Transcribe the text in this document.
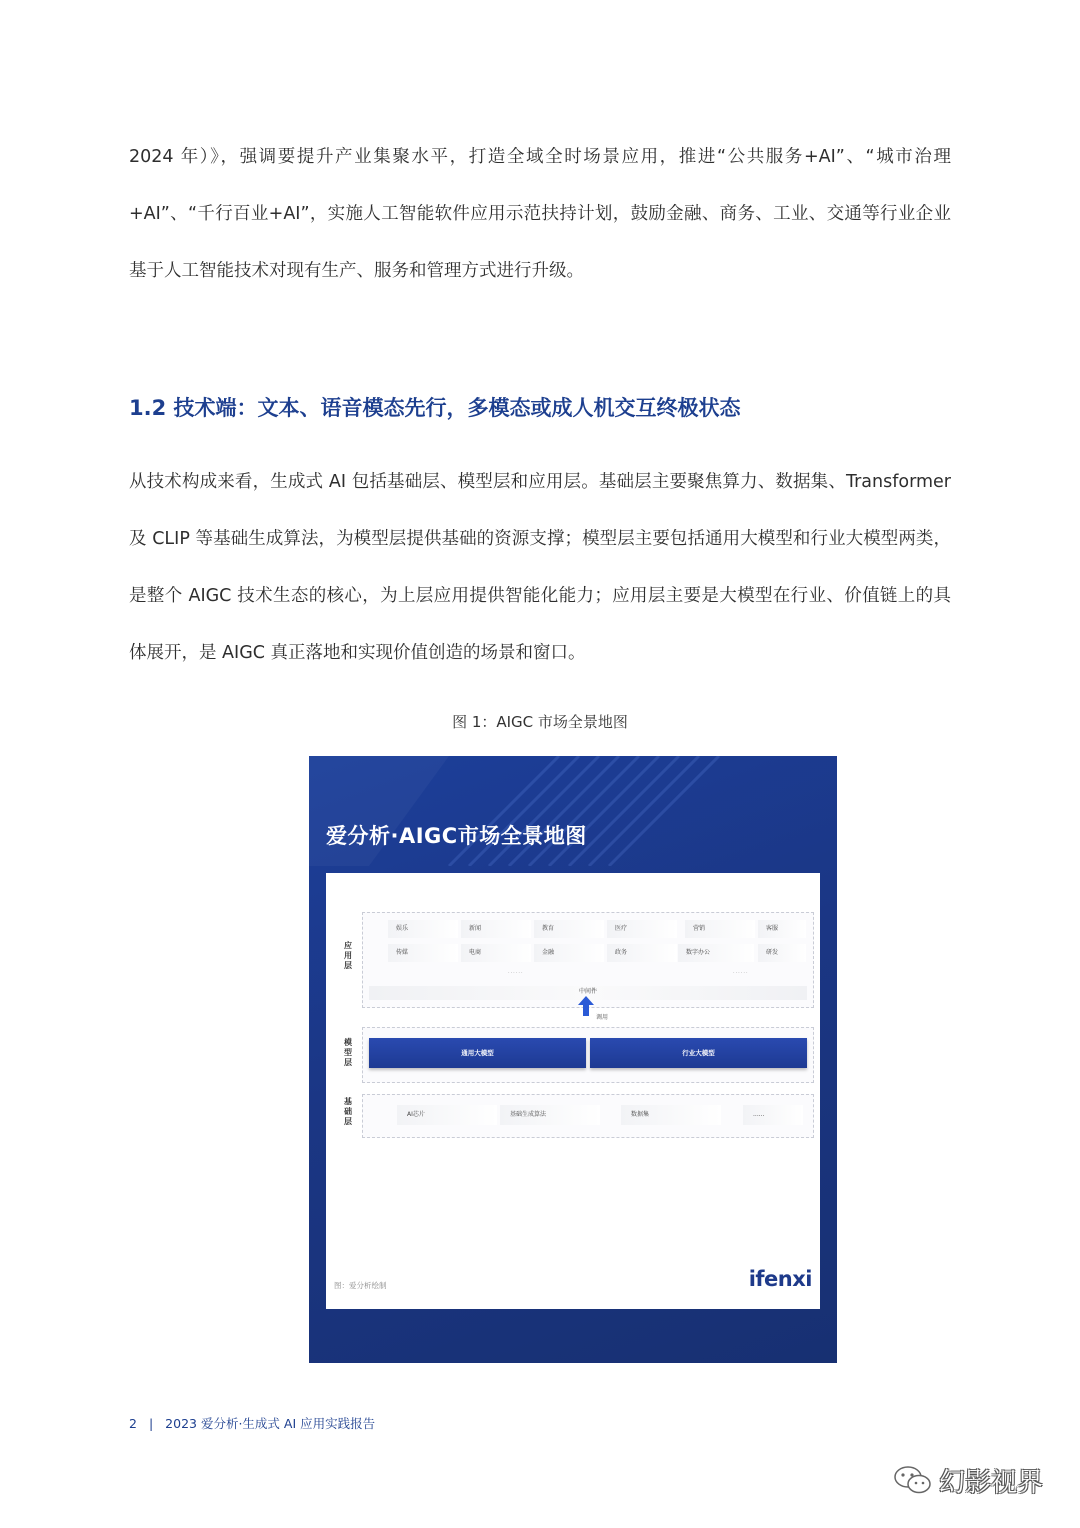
2024 年）》，强调要提升产业集聚水平，打造全域全时场景应用，推进“公共服务+AI”、“城市治理+AI”、“千行百业+AI”，实施人工智能软件应用示范扶持计划，鼓励金融、商务、工业、交通等行业企业基于人工智能技术对现有生产、服务和管理方式进行升级。

1.2 技术端：文本、语音模态先行，多模态或成人机交互终极状态

从技术构成来看，生成式 AI 包括基础层、模型层和应用层。基础层主要聚焦算力、数据集、Transformer 及 CLIP 等基础生成算法，为模型层提供基础的资源支撑；模型层主要包括通用大模型和行业大模型两类，是整个 AIGC 技术生态的核心，为上层应用提供智能化能力；应用层主要是大模型在行业、价值链上的具体展开，是 AIGC 真正落地和实现价值创造的场景和窗口。

图 1：AIGC 市场全景地图
爱分析·AIGC市场全景地图
应用层
娱乐	新闻	教育	医疗	营销	客服
传媒	电商	金融	政务	数字办公	研发
......	......
中间件
调用
模型层
通用大模型	行业大模型
基础层
AI芯片	基础生成算法	数据集	......
图：爱分析绘制	ifenxi
2 | 2023 爱分析·生成式 AI 应用实践报告
幻影视界
